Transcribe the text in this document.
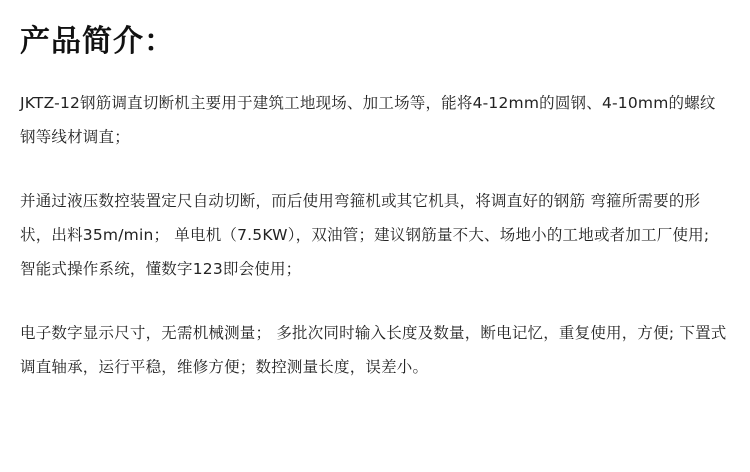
产品简介：

JKTZ-12钢筋调直切断机主要用于建筑工地现场、加工场等，能将4-12mm的圆钢、4-10mm的螺纹钢等线材调直；

并通过液压数控装置定尺自动切断，而后使用弯箍机或其它机具，将调直好的钢筋 弯箍所需要的形状，出料35m/min； 单电机（7.5KW），双油管；建议钢筋量不大、场地小的工地或者加工厂使用; 智能式操作系统，懂数字123即会使用；

电子数字显示尺寸，无需机械测量； 多批次同时输入长度及数量，断电记忆，重复使用，方便; 下置式调直轴承，运行平稳，维修方便；数控测量长度，误差小。
